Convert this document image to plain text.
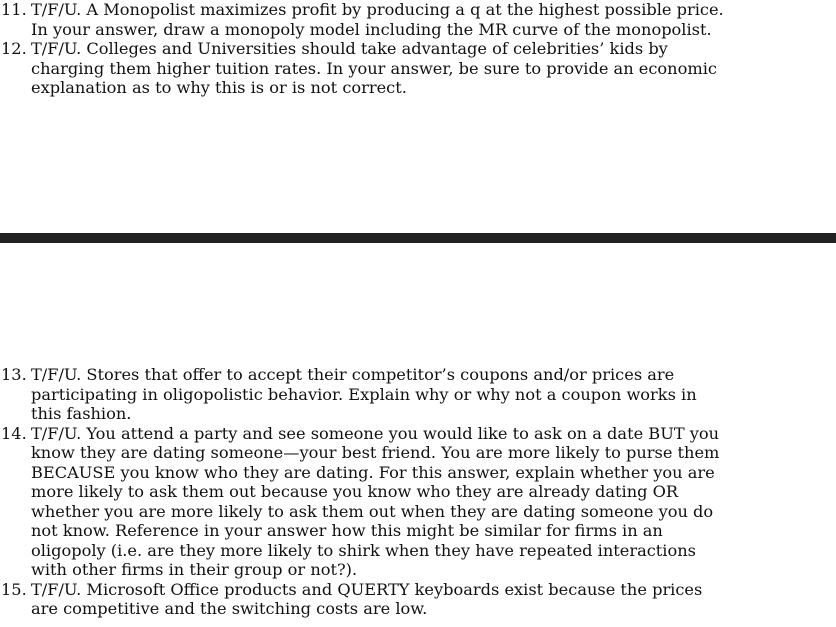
11. T/F/U. A Monopolist maximizes profit by producing a q at the highest possible price.
In your answer, draw a monopoly model including the MR curve of the monopolist.
12. T/F/U. Colleges and Universities should take advantage of celebrities’ kids by
charging them higher tuition rates. In your answer, be sure to provide an economic
explanation as to why this is or is not correct.
13. T/F/U. Stores that offer to accept their competitor’s coupons and/or prices are
participating in oligopolistic behavior. Explain why or why not a coupon works in
this fashion.
14. T/F/U. You attend a party and see someone you would like to ask on a date BUT you
know they are dating someone—your best friend. You are more likely to purse them
BECAUSE you know who they are dating. For this answer, explain whether you are
more likely to ask them out because you know who they are already dating OR
whether you are more likely to ask them out when they are dating someone you do
not know. Reference in your answer how this might be similar for firms in an
oligopoly (i.e. are they more likely to shirk when they have repeated interactions
with other firms in their group or not?).
15. T/F/U. Microsoft Office products and QUERTY keyboards exist because the prices
are competitive and the switching costs are low.
